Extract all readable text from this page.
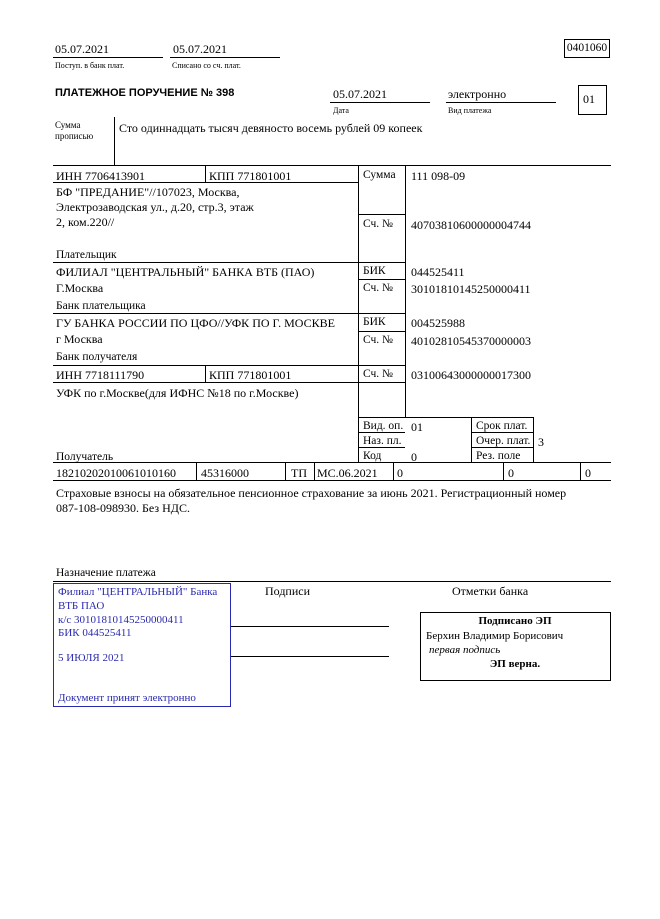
05.07.2021
Поступ. в банк плат.
05.07.2021
Списано со сч. плат.
0401060
ПЛАТЕЖНОЕ ПОРУЧЕНИЕ № 398	05.07.2021
Дата
электронно
Вид платежа
01
Сумма
прописью
Сто одиннадцать тысяч девяносто восемь рублей 09 копеек
ИНН 7706413901	КПП 771801001
БФ "ПРЕДАНИЕ"//107023, Москва,
Электрозаводская ул., д.20, стр.3, этаж
2, ком.220//
Плательщик
Сумма 111 098-09
Сч. № 40703810600000004744
ФИЛИАЛ "ЦЕНТРАЛЬНЫЙ" БАНКА ВТБ (ПАО)
Г.Москва
Банк плательщика
БИК 044525411
Сч. № 30101810145250000411
ГУ БАНКА РОССИИ ПО ЦФО//УФК ПО Г. МОСКВЕ
г Москва
Банк получателя
БИК 004525988
Сч. № 40102810545370000003
ИНН 7718111790	КПП 771801001
УФК по г.Москве(для ИФНС №18 по г.Москве)
Получатель
Сч. № 03100643000000017300
Вид. оп. 01	Срок плат.
Наз. пл.	Очер. плат. 3
Код 0	Рез. поле
18210202010061010160 45316000	ТП МС.06.2021 0	0	0
Страховые взносы на обязательное пенсионное страхование за июнь 2021. Регистрационный номер
087-108-098930. Без НДС.
Назначение платежа
Подписи	Отметки банка
Филиал "ЦЕНТРАЛЬНЫЙ" Банка
ВТБ ПАО
к/с 30101810145250000411
БИК 044525411
5 ИЮЛЯ 2021
Документ принят электронно
Подписано ЭП
Берхин Владимир Борисович
первая подпись
ЭП верна.
